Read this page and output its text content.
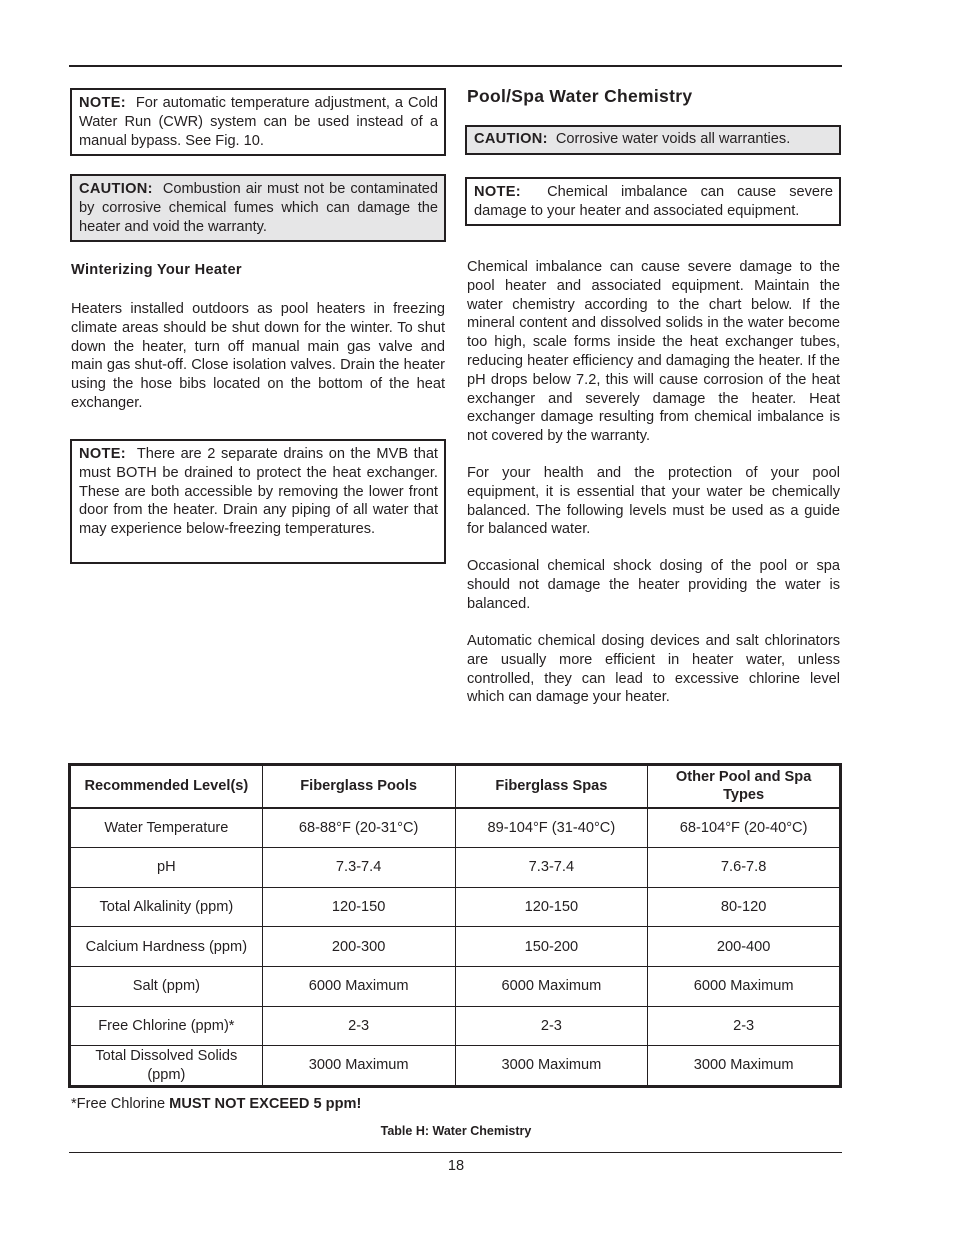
NOTE: For automatic temperature adjustment, a Cold Water Run (CWR) system can be used instead of a manual bypass. See Fig. 10.
CAUTION: Combustion air must not be contaminated by corrosive chemical fumes which can damage the heater and void the warranty.

Winterizing Your Heater

Heaters installed outdoors as pool heaters in freezing climate areas should be shut down for the winter. To shut down the heater, turn off manual main gas valve and main gas shut-off. Close isolation valves. Drain the heater using the hose bibs located on the bottom of the heat exchanger.

NOTE: There are 2 separate drains on the MVB that must BOTH be drained to protect the heat exchanger. These are both accessible by removing the lower front door from the heater. Drain any piping of all water that may experience below-freezing temperatures.
Pool/Spa Water Chemistry
CAUTION: Corrosive water voids all warranties.
NOTE: Chemical imbalance can cause severe damage to your heater and associated equipment.

Chemical imbalance can cause severe damage to the pool heater and associated equipment. Maintain the water chemistry according to the chart below. If the mineral content and dissolved solids in the water become too high, scale forms inside the heat exchanger tubes, reducing heater efficiency and damaging the heater. If the pH drops below 7.2, this will cause corrosion of the heat exchanger and severely damage the heater. Heat exchanger damage resulting from chemical imbalance is not covered by the warranty.

For your health and the protection of your pool equipment, it is essential that your water be chemically balanced. The following levels must be used as a guide for balanced water.

Occasional chemical shock dosing of the pool or spa should not damage the heater providing the water is balanced.

Automatic chemical dosing devices and salt chlorinators are usually more efficient in heater water, unless controlled, they can lead to excessive chlorine level which can damage your heater.

Recommended Level(s)	Fiberglass Pools	Fiberglass Spas	Other Pool and Spa Types
Water Temperature	68-88°F (20-31°C)	89-104°F (31-40°C)	68-104°F (20-40°C)
pH	7.3-7.4	7.3-7.4	7.6-7.8
Total Alkalinity (ppm)	120-150	120-150	80-120
Calcium Hardness (ppm)	200-300	150-200	200-400
Salt (ppm)	6000 Maximum	6000 Maximum	6000 Maximum
Free Chlorine (ppm)*	2-3	2-3	2-3
Total Dissolved Solids (ppm)	3000 Maximum	3000 Maximum	3000 Maximum

*Free Chlorine MUST NOT EXCEED 5 ppm!

Table H: Water Chemistry

18
